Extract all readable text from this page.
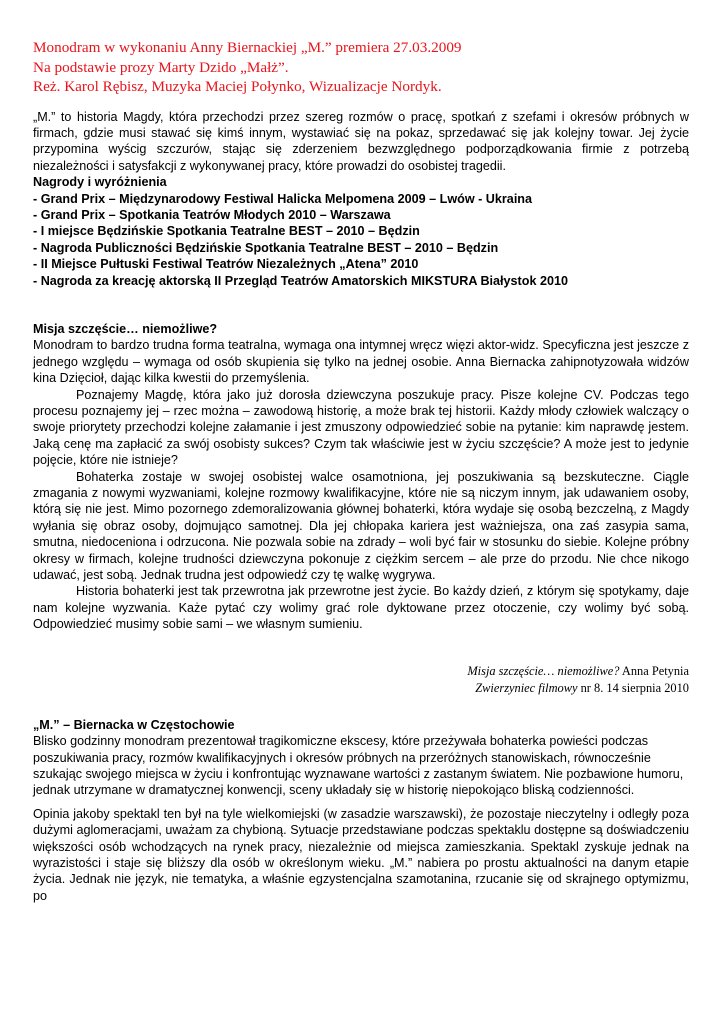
Monodram w wykonaniu Anny Biernackiej „M.” premiera 27.03.2009
Na podstawie prozy Marty Dzido „Małż”.
Reż. Karol Rębisz, Muzyka Maciej Połynko, Wizualizacje Nordyk.

„M.” to historia Magdy, która przechodzi przez szereg rozmów o pracę, spotkań z szefami i okresów próbnych w firmach, gdzie musi stawać się kimś innym, wystawiać się na pokaz, sprzedawać się jak kolejny towar. Jej życie przypomina wyścig szczurów, stając się zderzeniem bezwzględnego podporządkowania firmie z potrzebą niezależności i satysfakcji z wykonywanej pracy, które prowadzi do osobistej tragedii.

Nagrody i wyróżnienia
- Grand Prix – Międzynarodowy Festiwal Halicka Melpomena 2009 – Lwów - Ukraina
- Grand Prix – Spotkania Teatrów Młodych 2010 – Warszawa
- I miejsce Będzińskie Spotkania Teatralne BEST – 2010 – Będzin
- Nagroda Publiczności Będzińskie Spotkania Teatralne BEST – 2010 – Będzin
- II Miejsce Pułtuski Festiwal Teatrów Niezależnych „Atena” 2010
- Nagroda za kreację aktorską II Przegląd Teatrów Amatorskich MIKSTURA Białystok 2010
Misja szczęście… niemożliwe?

Monodram to bardzo trudna forma teatralna, wymaga ona intymnej wręcz więzi aktor-widz. Specyficzna jest jeszcze z jednego względu – wymaga od osób skupienia się tylko na jednej osobie. Anna Biernacka zahipnotyzowała widzów kina Dzięcioł, dając kilka kwestii do przemyślenia.

Poznajemy Magdę, która jako już dorosła dziewczyna poszukuje pracy. Pisze kolejne CV. Podczas tego procesu poznajemy jej – rzec można – zawodową historię, a może brak tej historii. Każdy młody człowiek walczący o swoje priorytety przechodzi kolejne załamanie i jest zmuszony odpowiedzieć sobie na pytanie: kim naprawdę jestem. Jaką cenę ma zapłacić za swój osobisty sukces? Czym tak właściwie jest w życiu szczęście? A może jest to jedynie pojęcie, które nie istnieje?

Bohaterka zostaje w swojej osobistej walce osamotniona, jej poszukiwania są bezskuteczne. Ciągle zmagania z nowymi wyzwaniami, kolejne rozmowy kwalifikacyjne, które nie są niczym innym, jak udawaniem osoby, którą się nie jest. Mimo pozornego zdemoralizowania głównej bohaterki, która wydaje się osobą bezczelną, z Magdy wyłania się obraz osoby, dojmująco samotnej. Dla jej chłopaka kariera jest ważniejsza, ona zaś zasypia sama, smutna, niedoceniona i odrzucona. Nie pozwala sobie na zdrady – woli być fair w stosunku do siebie. Kolejne próbny okresy w firmach, kolejne trudności dziewczyna pokonuje z ciężkim sercem – ale prze do przodu. Nie chce nikogo udawać, jest sobą. Jednak trudna jest odpowiedź czy tę walkę wygrywa.

Historia bohaterki jest tak przewrotna jak przewrotne jest życie. Bo każdy dzień, z którym się spotykamy, daje nam kolejne wyzwania. Każe pytać czy wolimy grać role dyktowane przez otoczenie, czy wolimy być sobą. Odpowiedzieć musimy sobie sami – we własnym sumieniu.

Misja szczęście… niemożliwe? Anna Petynia
Zwierzyniec filmowy nr 8. 14 sierpnia 2010
„M.” – Biernacka w Częstochowie

Blisko godzinny monodram prezentował tragikomiczne ekscesy, które przeżywała bohaterka powieści podczas poszukiwania pracy, rozmów kwalifikacyjnych i okresów próbnych na przeróżnych stanowiskach, równocześnie szukając swojego miejsca w życiu i konfrontując wyznawane wartości z zastanym światem. Nie pozbawione humoru, jednak utrzymane w dramatycznej konwencji, sceny układały się w historię niepokojąco bliską codzienności.

Opinia jakoby spektakl ten był na tyle wielkomiejski (w zasadzie warszawski), że pozostaje nieczytelny i odległy poza dużymi aglomeracjami, uważam za chybioną. Sytuacje przedstawiane podczas spektaklu dostępne są doświadczeniu większości osób wchodzących na rynek pracy, niezależnie od miejsca zamieszkania. Spektakl zyskuje jednak na wyrazistości i staje się bliższy dla osób w określonym wieku. „M.” nabiera po prostu aktualności na danym etapie życia. Jednak nie język, nie tematyka, a właśnie egzystencjalna szamotanina, rzucanie się od skrajnego optymizmu, po
